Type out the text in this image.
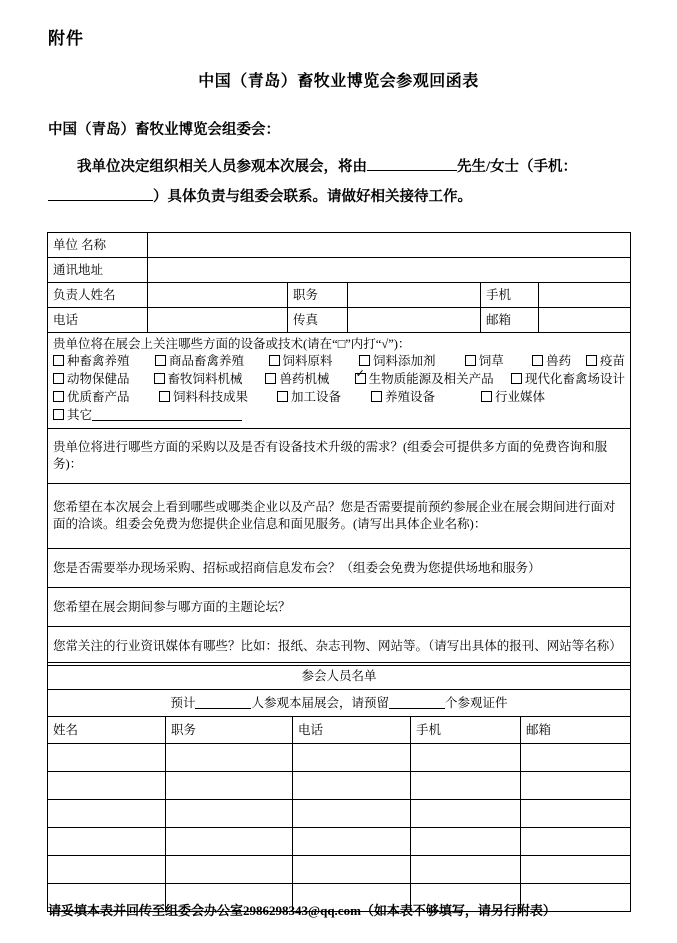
附件
中国（青岛）畜牧业博览会参观回函表
中国（青岛）畜牧业博览会组委会：
我单位决定组织相关人员参观本次展会，将由	先生/女士（手机：）具体负责与组委会联系。请做好相关接待工作。
单位 名称					
通讯地址					
负责人姓名		职务		手机	
电话		传真		邮箱	

贵单位将在展会上关注哪些方面的设备或技术(请在“□”内打“√”)：
种畜禽养殖	商品畜禽养殖	饲料原料	饲料添加剂	饲草	兽药	疫苗
动物保健品	畜牧饲料机械	兽药机械 ✓	生物质能源及相关产品	现代化畜禽场设计
优质畜产品	饲料科技成果	加工设备	养殖设备	行业媒体
其它

贵单位将进行哪些方面的采购以及是否有设备技术升级的需求？(组委会可提供多方面的免费咨询和服务)：					

您希望在本次展会上看到哪些或哪类企业以及产品？您是否需要提前预约参展企业在展会期间进行面对面的洽谈。组委会免费为您提供企业信息和面见服务。(请写出具体企业名称)：					

您是否需要举办现场采购、招标或招商信息发布会？（组委会免费为您提供场地和服务）					

您希望在展会期间参与哪方面的主题论坛？					

您常关注的行业资讯媒体有哪些？比如：报纸、杂志刊物、网站等。（请写出具体的报刊、网站等名称）					
参会人员名单				
预计 人参观本届展会，请预留 个参观证件				
姓名	职务	电话	手机	邮箱

请妥填本表并回传至组委会办公室2986298343@qq.com（如本表不够填写，请另行附表）
